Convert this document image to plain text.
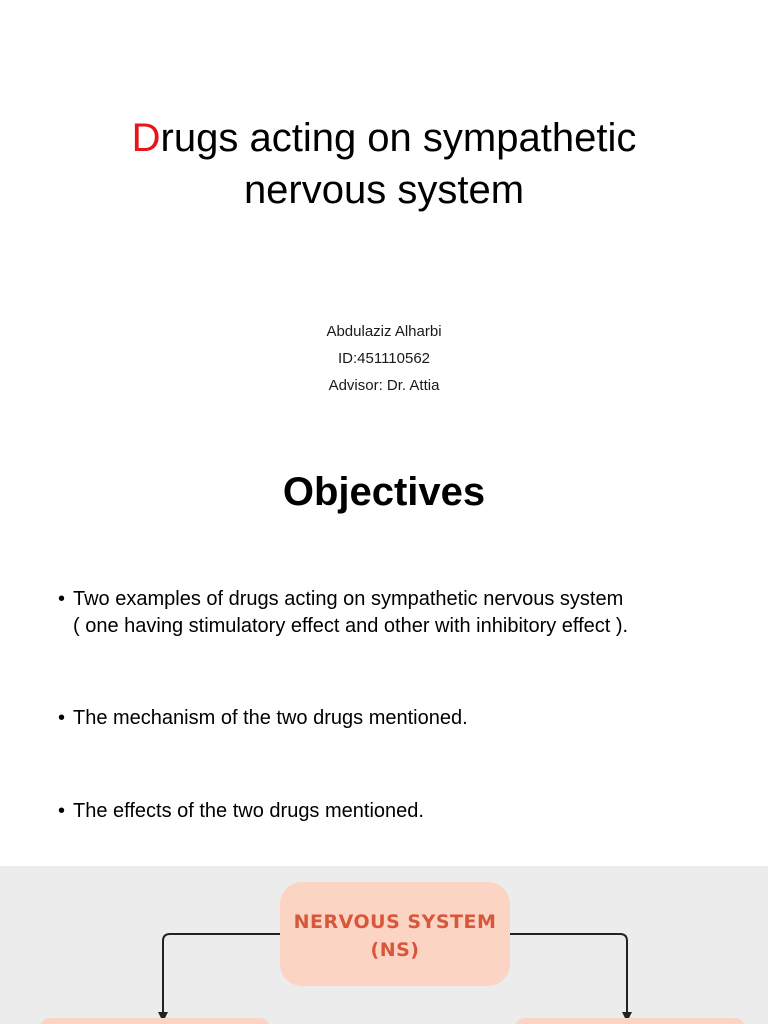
Drugs acting on sympathetic
nervous system
Abdulaziz Alharbi
ID:451110562
Advisor: Dr. Attia
Objectives
• Two examples of drugs acting on sympathetic nervous system
( one having stimulatory effect and other with inhibitory effect ).
• The mechanism of the two drugs mentioned.
• The effects of the two drugs mentioned.
NERVOUS SYSTEM
(NS)
